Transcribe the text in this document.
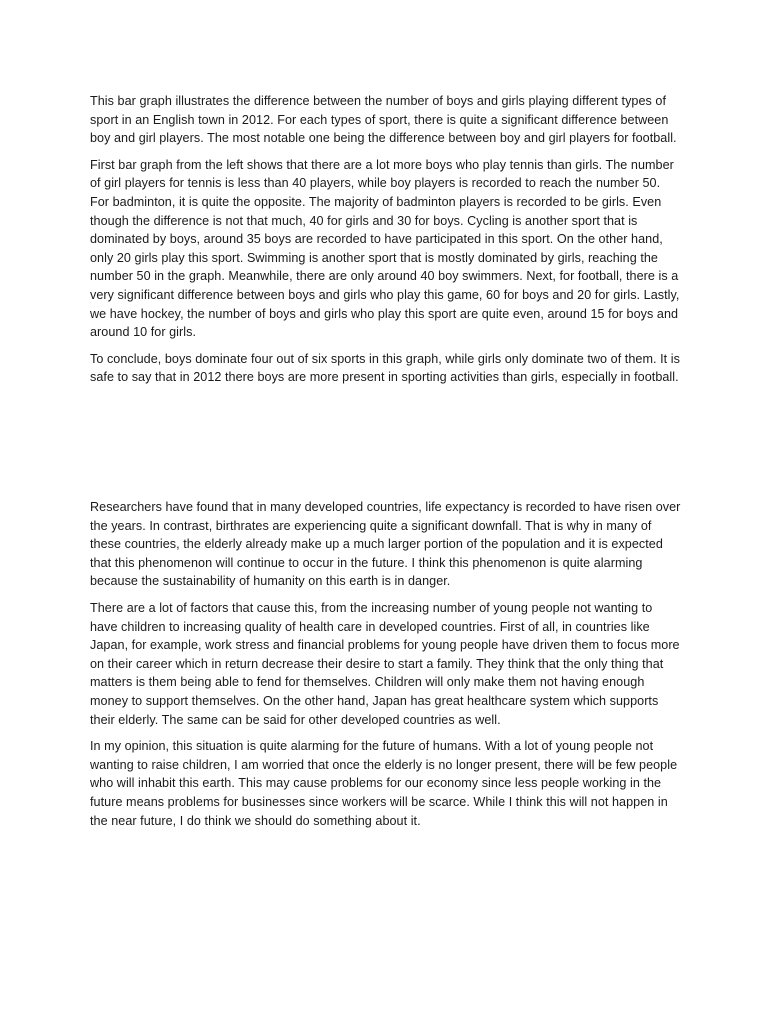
This bar graph illustrates the difference between the number of boys and girls playing different types of sport in an English town in 2012. For each types of sport, there is quite a significant difference between boy and girl players. The most notable one being the difference between boy and girl players for football.

First bar graph from the left shows that there are a lot more boys who play tennis than girls. The number of girl players for tennis is less than 40 players, while boy players is recorded to reach the number 50. For badminton, it is quite the opposite. The majority of badminton players is recorded to be girls. Even though the difference is not that much, 40 for girls and 30 for boys. Cycling is another sport that is dominated by boys, around 35 boys are recorded to have participated in this sport. On the other hand, only 20 girls play this sport. Swimming is another sport that is mostly dominated by girls, reaching the number 50 in the graph. Meanwhile, there are only around 40 boy swimmers. Next, for football, there is a very significant difference between boys and girls who play this game, 60 for boys and 20 for girls. Lastly, we have hockey, the number of boys and girls who play this sport are quite even, around 15 for boys and around 10 for girls.

To conclude, boys dominate four out of six sports in this graph, while girls only dominate two of them. It is safe to say that in 2012 there boys are more present in sporting activities than girls, especially in football.

Researchers have found that in many developed countries, life expectancy is recorded to have risen over the years. In contrast, birthrates are experiencing quite a significant downfall. That is why in many of these countries, the elderly already make up a much larger portion of the population and it is expected that this phenomenon will continue to occur in the future. I think this phenomenon is quite alarming because the sustainability of humanity on this earth is in danger.

There are a lot of factors that cause this, from the increasing number of young people not wanting to have children to increasing quality of health care in developed countries. First of all, in countries like Japan, for example, work stress and financial problems for young people have driven them to focus more on their career which in return decrease their desire to start a family. They think that the only thing that matters is them being able to fend for themselves. Children will only make them not having enough money to support themselves. On the other hand, Japan has great healthcare system which supports their elderly. The same can be said for other developed countries as well.

In my opinion, this situation is quite alarming for the future of humans. With a lot of young people not wanting to raise children, I am worried that once the elderly is no longer present, there will be few people who will inhabit this earth. This may cause problems for our economy since less people working in the future means problems for businesses since workers will be scarce. While I think this will not happen in the near future, I do think we should do something about it.
